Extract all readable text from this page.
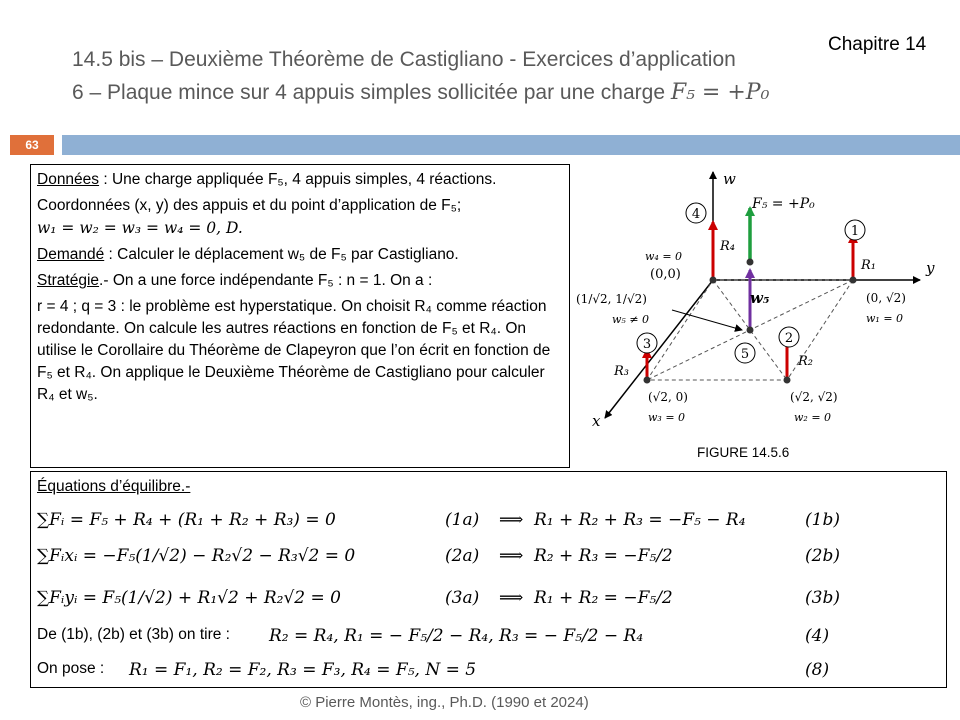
Chapitre 14
14.5 bis – Deuxième Théorème de Castigliano - Exercices d’application
6 – Plaque mince sur 4 appuis simples sollicitée par une charge F₅ = +P₀
63

Données : Une charge appliquée F₅, 4 appuis simples, 4 réactions.

Coordonnées (x, y) des appuis et du point d’application de F₅;
w₁ = w₂ = w₃ = w₄ = 0, D.

Demandé : Calculer le déplacement w₅ de F₅ par Castigliano.

Stratégie.- On a une force indépendante F₅ : n = 1. On a :

r = 4 ; q = 3 : le problème est hyperstatique. On choisit R₄ comme réaction redondante. On calcule les autres réactions en fonction de F₅ et R₄. On utilise le Corollaire du Théorème de Clapeyron que l’on écrit en fonction de F₅ et R₄. On applique le Deuxième Théorème de Castigliano pour calculer R₄ et w₅.

w
y
x
4
1
2
3
5
F₅ = +P₀
w₅
R₄
R₁
R₂
R₃
w₄ = 0
(0,0)
(1/√2, 1/√2)
w₅ ≠ 0
(0, √2)
w₁ = 0
(√2, 0)
w₃ = 0
(√2, √2)
w₂ = 0
FIGURE 14.5.6
Équations d’équilibre.-
∑Fᵢ = F₅ + R₄ + (R₁ + R₂ + R₃) = 0	(1a) ⟹ R₁ + R₂ + R₃ = −F₅ − R₄	(1b)
∑Fᵢxᵢ = −F₅(1/√2) − R₂√2 − R₃√2 = 0	(2a) ⟹ R₂ + R₃ = −F₅/2	(2b)
∑Fᵢyᵢ = F₅(1/√2) + R₁√2 + R₂√2 = 0	(3a) ⟹ R₁ + R₂ = −F₅/2	(3b)
De (1b), (2b) et (3b) on tire : R₂ = R₄, R₁ = − F₅/2 − R₄, R₃ = − F₅/2 − R₄	(4)
On pose : R₁ = F₁, R₂ = F₂, R₃ = F₃, R₄ = F₅, N = 5	(8)
© Pierre Montès, ing., Ph.D. (1990 et 2024)
